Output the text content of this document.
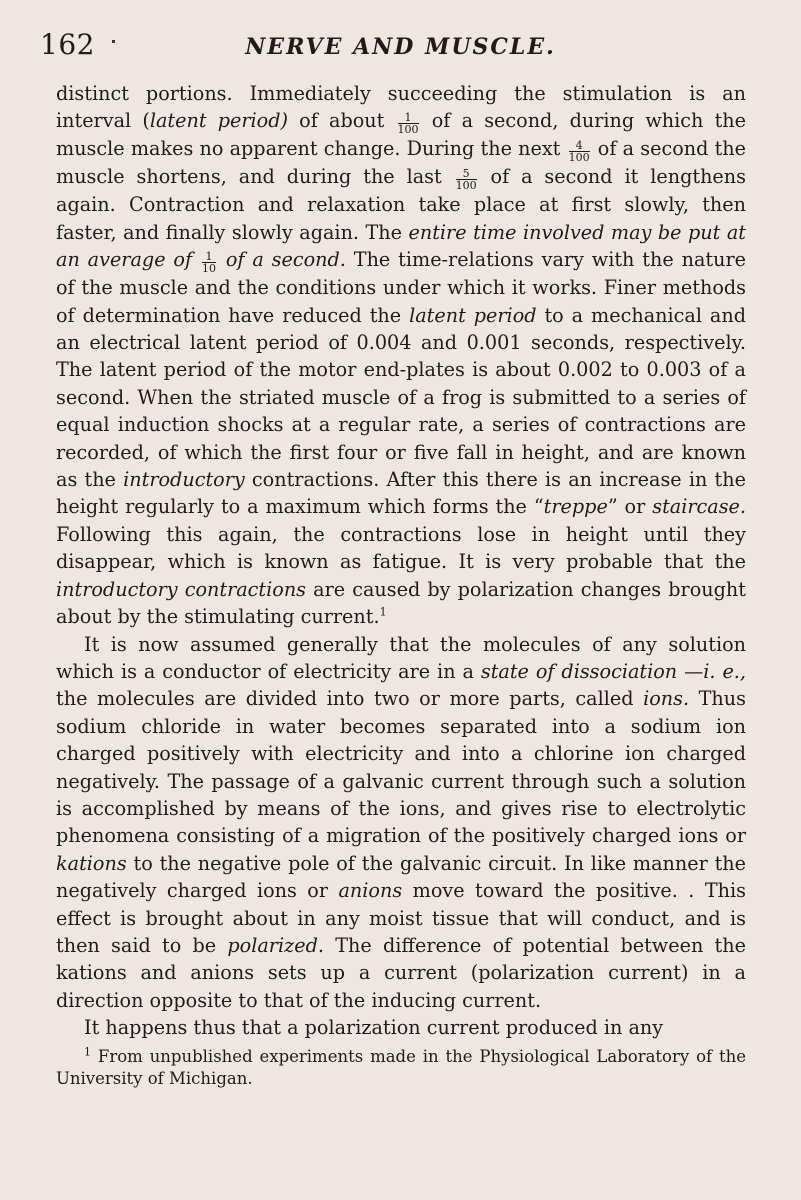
162	NERVE AND MUSCLE.

distinct portions. Immediately succeeding the stimulation is an interval (latent period) of about $\frac{1}{100}$ of a second, during which the muscle makes no apparent change. During the next $\frac{4}{100}$ of a second the muscle shortens, and during the last $\frac{5}{100}$ of a second it lengthens again. Contraction and relaxation take place at first slowly, then faster, and finally slowly again. The entire time involved may be put at an average of $\frac{1}{10}$ of a second. The time-relations vary with the nature of the muscle and the conditions under which it works. Finer methods of determination have reduced the latent period to a mechanical and an electrical latent period of 0.004 and 0.001 seconds, respectively. The latent period of the motor end-plates is about 0.002 to 0.003 of a second. When the striated muscle of a frog is submitted to a series of equal induction shocks at a regular rate, a series of contractions are recorded, of which the first four or five fall in height, and are known as the introductory contractions. After this there is an increase in the height regularly to a maximum which forms the “treppe” or staircase. Following this again, the contractions lose in height until they disappear, which is known as fatigue. It is very probable that the introductory contractions are caused by polarization changes brought about by the stimulating current.$^1$

It is now assumed generally that the molecules of any solution which is a conductor of electricity are in a state of dissociation —i. e., the molecules are divided into two or more parts, called ions. Thus sodium chloride in water becomes separated into a sodium ion charged positively with electricity and into a chlorine ion charged negatively. The passage of a galvanic current through such a solution is accomplished by means of the ions, and gives rise to electrolytic phenomena consisting of a migration of the positively charged ions or kations to the negative pole of the galvanic circuit. In like manner the negatively charged ions or anions move toward the positive. . This effect is brought about in any moist tissue that will conduct, and is then said to be polarized. The difference of potential between the kations and anions sets up a current (polarization current) in a direction opposite to that of the inducing current.

It happens thus that a polarization current produced in any

$^1$ From unpublished experiments made in the Physiological Laboratory of the University of Michigan.
